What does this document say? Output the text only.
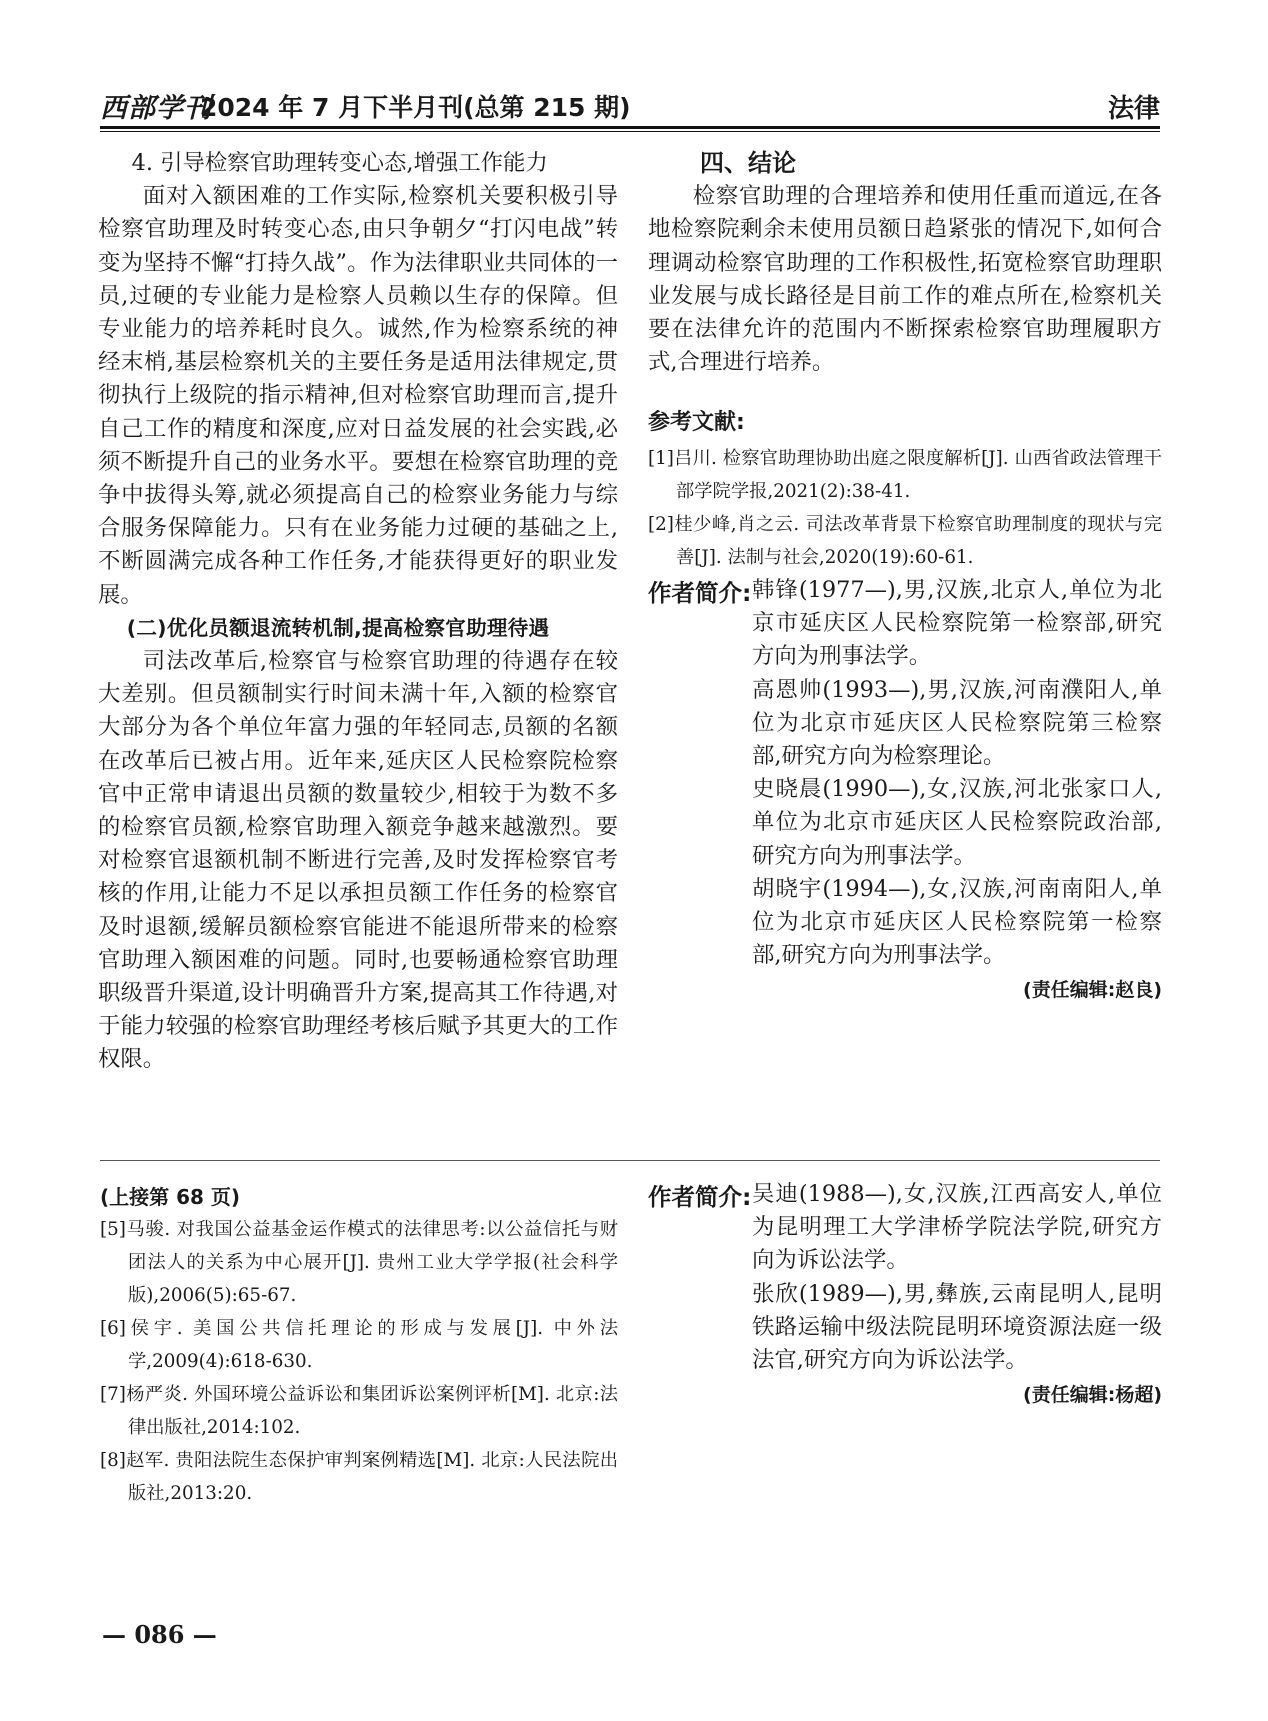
西部学刊
2024 年 7 月下半月刊(总第 215 期)	法律

4. 引导检察官助理转变心态,增强工作能力

面对入额困难的工作实际,检察机关要积极引导检察官助理及时转变心态,由只争朝夕“打闪电战”转变为坚持不懈“打持久战”。作为法律职业共同体的一员,过硬的专业能力是检察人员赖以生存的保障。但专业能力的培养耗时良久。诚然,作为检察系统的神经末梢,基层检察机关的主要任务是适用法律规定,贯彻执行上级院的指示精神,但对检察官助理而言,提升自己工作的精度和深度,应对日益发展的社会实践,必须不断提升自己的业务水平。要想在检察官助理的竞争中拔得头筹,就必须提高自己的检察业务能力与综合服务保障能力。只有在业务能力过硬的基础之上,不断圆满完成各种工作任务,才能获得更好的职业发展。

(二)优化员额退流转机制,提高检察官助理待遇

司法改革后,检察官与检察官助理的待遇存在较大差别。但员额制实行时间未满十年,入额的检察官大部分为各个单位年富力强的年轻同志,员额的名额在改革后已被占用。近年来,延庆区人民检察院检察官中正常申请退出员额的数量较少,相较于为数不多的检察官员额,检察官助理入额竞争越来越激烈。要对检察官退额机制不断进行完善,及时发挥检察官考核的作用,让能力不足以承担员额工作任务的检察官及时退额,缓解员额检察官能进不能退所带来的检察官助理入额困难的问题。同时,也要畅通检察官助理职级晋升渠道,设计明确晋升方案,提高其工作待遇,对于能力较强的检察官助理经考核后赋予其更大的工作权限。

四、结论

检察官助理的合理培养和使用任重而道远,在各地检察院剩余未使用员额日趋紧张的情况下,如何合理调动检察官助理的工作积极性,拓宽检察官助理职业发展与成长路径是目前工作的难点所在,检察机关要在法律允许的范围内不断探索检察官助理履职方式,合理进行培养。

参考文献:
[1]吕川. 检察官助理协助出庭之限度解析[J]. 山西省政法管理干部学院学报,2021(2):38-41.
[2]桂少峰,肖之云. 司法改革背景下检察官助理制度的现状与完善[J]. 法制与社会,2020(19):60-61.
作者简介: 韩锋(1977—),男,汉族,北京人,单位为北京市延庆区人民检察院第一检察部,研究方向为刑事法学。

高恩帅(1993—),男,汉族,河南濮阳人,单位为北京市延庆区人民检察院第三检察部,研究方向为检察理论。

史晓晨(1990—),女,汉族,河北张家口人,单位为北京市延庆区人民检察院政治部,研究方向为刑事法学。

胡晓宇(1994—),女,汉族,河南南阳人,单位为北京市延庆区人民检察院第一检察部,研究方向为刑事法学。

(责任编辑:赵良)
(上接第 68 页)
[5]马骏. 对我国公益基金运作模式的法律思考:以公益信托与财团法人的关系为中心展开[J]. 贵州工业大学学报(社会科学版),2006(5):65-67.
[6]侯宇. 美国公共信托理论的形成与发展[J]. 中外法学,2009(4):618-630.
[7]杨严炎. 外国环境公益诉讼和集团诉讼案例评析[M]. 北京:法律出版社,2014:102.
[8]赵军. 贵阳法院生态保护审判案例精选[M]. 北京:人民法院出版社,2013:20.
作者简介: 吴迪(1988—),女,汉族,江西高安人,单位为昆明理工大学津桥学院法学院,研究方向为诉讼法学。

张欣(1989—),男,彝族,云南昆明人,昆明铁路运输中级法院昆明环境资源法庭一级法官,研究方向为诉讼法学。

(责任编辑:杨超)
— 086 —
